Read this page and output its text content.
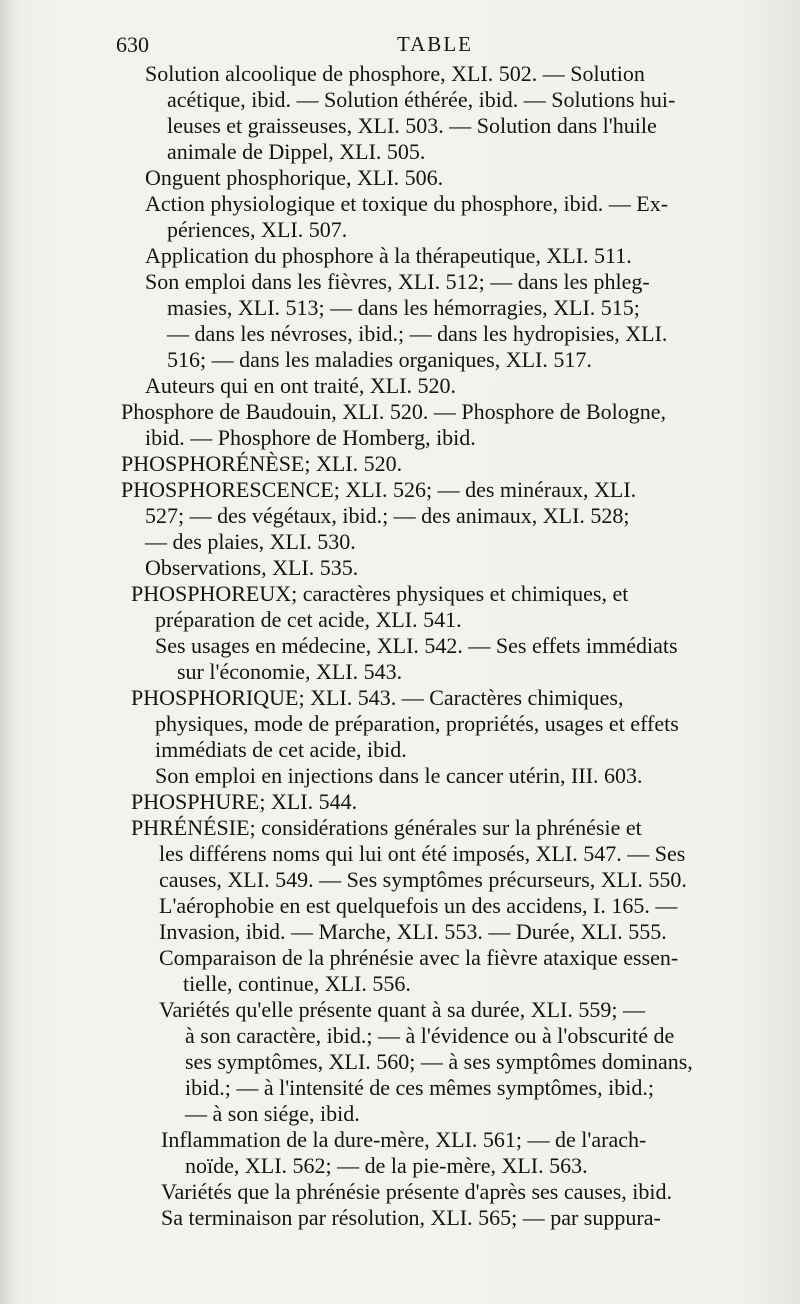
630	TABLE
Solution alcoolique de phosphore, XLI. 502. — Solution
acétique, ibid. — Solution éthérée, ibid. — Solutions hui-
leuses et graisseuses, XLI. 503. — Solution dans l'huile
animale de Dippel, XLI. 505.
Onguent phosphorique, XLI. 506.
Action physiologique et toxique du phosphore, ibid. — Ex-
périences, XLI. 507.
Application du phosphore à la thérapeutique, XLI. 511.
Son emploi dans les fièvres, XLI. 512; — dans les phleg-
masies, XLI. 513; — dans les hémorragies, XLI. 515;
— dans les névroses, ibid.; — dans les hydropisies, XLI.
516; — dans les maladies organiques, XLI. 517.
Auteurs qui en ont traité, XLI. 520.
Phosphore de Baudouin, XLI. 520. — Phosphore de Bologne,
ibid. — Phosphore de Homberg, ibid.
PHOSPHORÉNÈSE; XLI. 520.
PHOSPHORESCENCE; XLI. 526; — des minéraux, XLI.
527; — des végétaux, ibid.; — des animaux, XLI. 528;
— des plaies, XLI. 530.
Observations, XLI. 535.
PHOSPHOREUX; caractères physiques et chimiques, et
préparation de cet acide, XLI. 541.
Ses usages en médecine, XLI. 542. — Ses effets immédiats
sur l'économie, XLI. 543.
PHOSPHORIQUE; XLI. 543. — Caractères chimiques,
physiques, mode de préparation, propriétés, usages et effets
immédiats de cet acide, ibid.
Son emploi en injections dans le cancer utérin, III. 603.
PHOSPHURE; XLI. 544.
PHRÉNÉSIE; considérations générales sur la phrénésie et
les différens noms qui lui ont été imposés, XLI. 547. — Ses
causes, XLI. 549. — Ses symptômes précurseurs, XLI. 550.
L'aérophobie en est quelquefois un des accidens, I. 165. —
Invasion, ibid. — Marche, XLI. 553. — Durée, XLI. 555.
Comparaison de la phrénésie avec la fièvre ataxique essen-
tielle, continue, XLI. 556.
Variétés qu'elle présente quant à sa durée, XLI. 559; —
à son caractère, ibid.; — à l'évidence ou à l'obscurité de
ses symptômes, XLI. 560; — à ses symptômes dominans,
ibid.; — à l'intensité de ces mêmes symptômes, ibid.;
— à son siége, ibid.
Inflammation de la dure-mère, XLI. 561; — de l'arach-
noïde, XLI. 562; — de la pie-mère, XLI. 563.
Variétés que la phrénésie présente d'après ses causes, ibid.
Sa terminaison par résolution, XLI. 565; — par suppura-
